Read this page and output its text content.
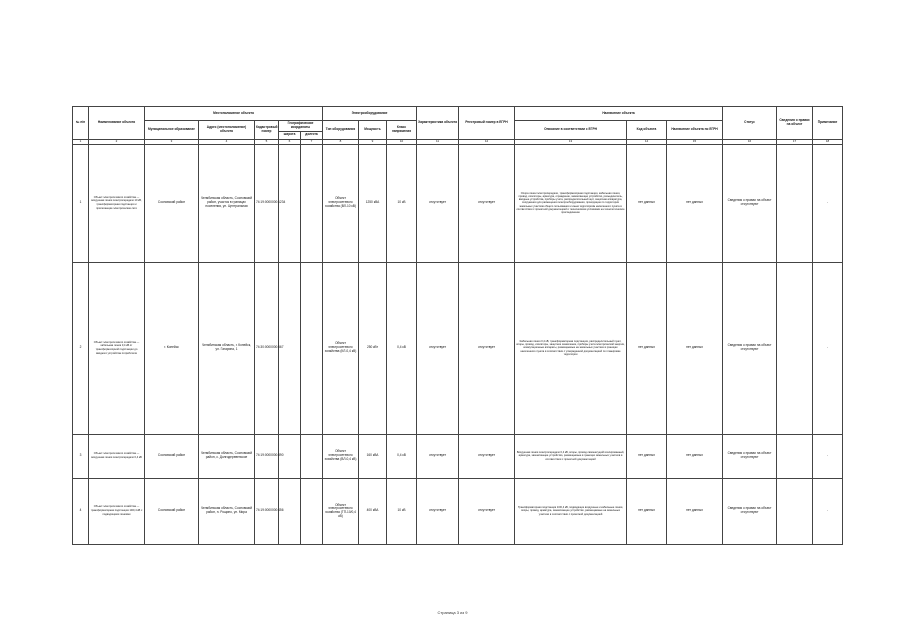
№ п/п	Наименование объекта	Местоположение объекта					Электрооборудование			Характеристика объекта	Реестровый номер в ЕГРН	Назначение объекта			Статус	Сведения о правах на объект	Примечание
		Муниципальное образование	Адрес (местоположение) объекта	Кадастровый номер	Географические координаты		Тип оборудования	Мощность	Класс напряжения			Описание в соответствии с ЕГРН	Код объекта	Назначение объекта по ЕГРН			
					широта	долгота											
1	2	3	4	5	6	7	8	9	10	11	12	13	14	15	16	17	18
1	Объект электросетевого хозяйства — воздушная линия электропередачи 10 кВ, трансформаторная подстанция и прилегающие электрические сети	Сосновский район	Челябинская область, Сосновский район, участок в границах поселения, ул. Центральная	74:19:0000000:1234			Объект электросетевого хозяйства (ВЛ-10 кВ)	1250 кВА	10 кВ	отсутствует	отсутствует	Опора линии электропередачи, трансформаторная подстанция, кабельная линия, провод, изоляторы, арматура, ограждение, заземляющее устройство, разъединитель, вводные устройства, приборы учета, распределительный щит, защитная аппаратура, сооружения для размещения электрооборудования, проходящие по территории земельных участков общего пользования и иным территориям населенного пункта в соответствии с проектной документацией и техническими условиями на технологическое присоединение	нет данных	нет данных	Сведения о правах на объект отсутствуют		-
2	Объект электросетевого хозяйства — кабельная линия 0,4 кВ от трансформаторной подстанции до вводного устройства потребителя	г. Копейск	Челябинская область, г. Копейск, ул. Гагарина, 1	74:30:0000000:567			Объект электросетевого хозяйства (КЛ-0,4 кВ)	250 кВт	0,4 кВ	отсутствует	отсутствует	Кабельная линия 0,4 кВ, трансформаторная подстанция, распределительный пункт, опоры, провод, изоляторы, защитное заземление, приборы учета электрической энергии, коммутационные аппараты, размещаемые на земельных участках в границах населенного пункта в соответствии с утвержденной документацией по планировке территории	нет данных	нет данных	Сведения о правах на объект отсутствуют		-
3	Объект электросетевого хозяйства — воздушная линия электропередачи 0,4 кВ	Сосновский район	Челябинская область, Сосновский район, с. Долгодеревенское	74:19:0000000:890			Объект электросетевого хозяйства (ВЛ-0,4 кВ)	160 кВА	0,4 кВ	отсутствует	отсутствует	Воздушная линия электропередачи 0,4 кВ, опоры, провод самонесущий изолированный, арматура, заземляющее устройство, размещаемые в границах земельных участков в соответствии с проектной документацией	нет данных	нет данных	Сведения о правах на объект отсутствуют		-
4	Объект электросетевого хозяйства — трансформаторная подстанция 10/0,4 кВ с подводящими линиями	Сосновский район	Челябинская область, Сосновский район, п. Рощино, ул. Мира	74:19:0000000:456			Объект электросетевого хозяйства (ТП-10/0,4 кВ)	400 кВА	10 кВ	отсутствует	отсутствует	Трансформаторная подстанция 10/0,4 кВ, подводящие воздушные и кабельные линии, опоры, провод, арматура, заземляющее устройство, размещаемые на земельных участках в соответствии с проектной документацией	нет данных	нет данных	Сведения о правах на объект отсутствуют		-
Страница 3 из 9
